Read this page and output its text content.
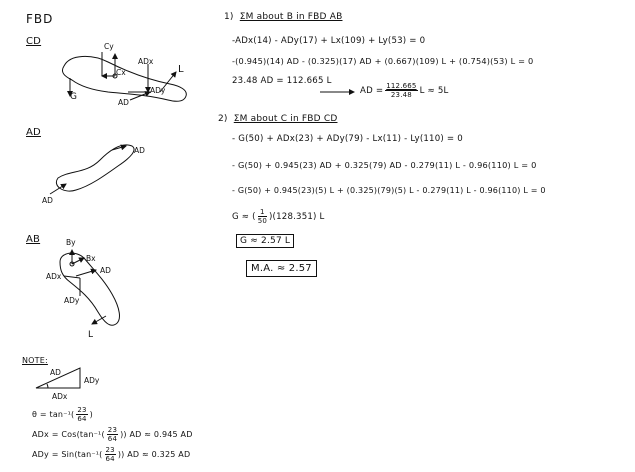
FBD
CD	Cy
Cx
ADx
ADy
L
G
AD
AD
AD
AD
AB	By
Bx
AD
ADx
ADy
L
NOTE:
AD
ADy
ADx
$\theta = \tan^{-1}( \frac{23}{64}$ )
ADx = $Cos(\tan^{-1}( \frac{23}{64}$ )) AD ≈ 0.945 AD
ADy = $Sin(\tan^{-1}( \frac{23}{64}$ )) AD ≈ 0.325 AD
1) ΣM about B in FBD AB
-ADx(14) - ADy(17) + Lx(109) + Ly(53) = 0
-(0.945)(14) AD - (0.325)(17) AD + (0.667)(109) L + (0.754)(53) L = 0
23.48 AD = 112.665 L
AD = $\frac{112.665}{23.48}$ L ≈ 5L
2) ΣM about C in FBD CD
- G(50) + ADx(23) + ADy(79) - Lx(11) - Ly(110) = 0
- G(50) + 0.945(23) AD + 0.325(79) AD - 0.279(11) L - 0.96(110) L = 0
- G(50) + 0.945(23)(5) L + (0.325)(79)(5) L - 0.279(11) L - 0.96(110) L = 0
G ≈ ( $\frac{1}{50} )(128.351)$ L
G ≈ 2.57 L
M.A. ≈ 2.57
